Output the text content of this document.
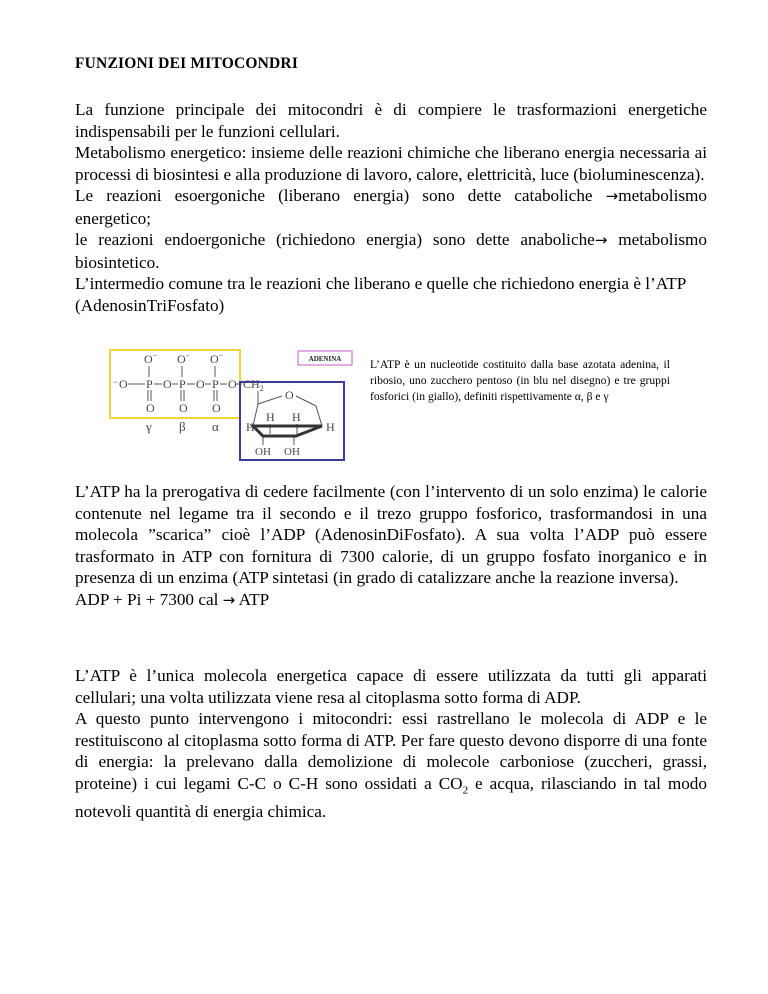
FUNZIONI DEI MITOCONDRI

La funzione principale dei mitocondri è di compiere le trasformazioni energetiche indispensabili per le funzioni cellulari.

Metabolismo energetico: insieme delle reazioni chimiche che liberano energia necessaria ai processi di biosintesi e alla produzione di lavoro, calore, elettricità, luce (bioluminescenza).

Le reazioni esoergoniche (liberano energia) sono dette cataboliche →metabolismo energetico;

le reazioni endoergoniche (richiedono energia) sono dette anaboliche→ metabolismo biosintetico.

L’intermedio comune tra le reazioni che liberano e quelle che richiedono energia è l’ATP (AdenosinTriFosfato)

ADENINA
O− O− O−
− O P O P O P O $CH_2$
O O O
γ β α
O
H H
H	H
OH OH
L’ATP è un nucleotide costituito dalla base azotata adenina, il ribosio, uno zucchero pentoso (in blu nel disegno) e tre gruppi fosforici (in giallo), definiti rispettivamente α, β e γ

L’ATP ha la prerogativa di cedere facilmente (con l’intervento di un solo enzima) le calorie contenute nel legame tra il secondo e il trezo gruppo fosforico, trasformandosi in una molecola ”scarica” cioè l’ADP (AdenosinDiFosfato). A sua volta l’ADP può essere trasformato in ATP con fornitura di 7300 calorie, di un gruppo fosfato inorganico e in presenza di un enzima (ATP sintetasi (in grado di catalizzare anche la reazione inversa).

ADP + Pi + 7300 cal → ATP

L’ATP è l’unica molecola energetica capace di essere utilizzata da tutti gli apparati cellulari; una volta utilizzata viene resa al citoplasma sotto forma di ADP.

A questo punto intervengono i mitocondri: essi rastrellano le molecola di ADP e le restituiscono al citoplasma sotto forma di ATP. Per fare questo devono disporre di una fonte di energia: la prelevano dalla demolizione di molecole carboniose (zuccheri, grassi, proteine) i cui legami C-C o C-H sono ossidati a $CO_2$ e acqua, rilasciando in tal modo notevoli quantità di energia chimica.
